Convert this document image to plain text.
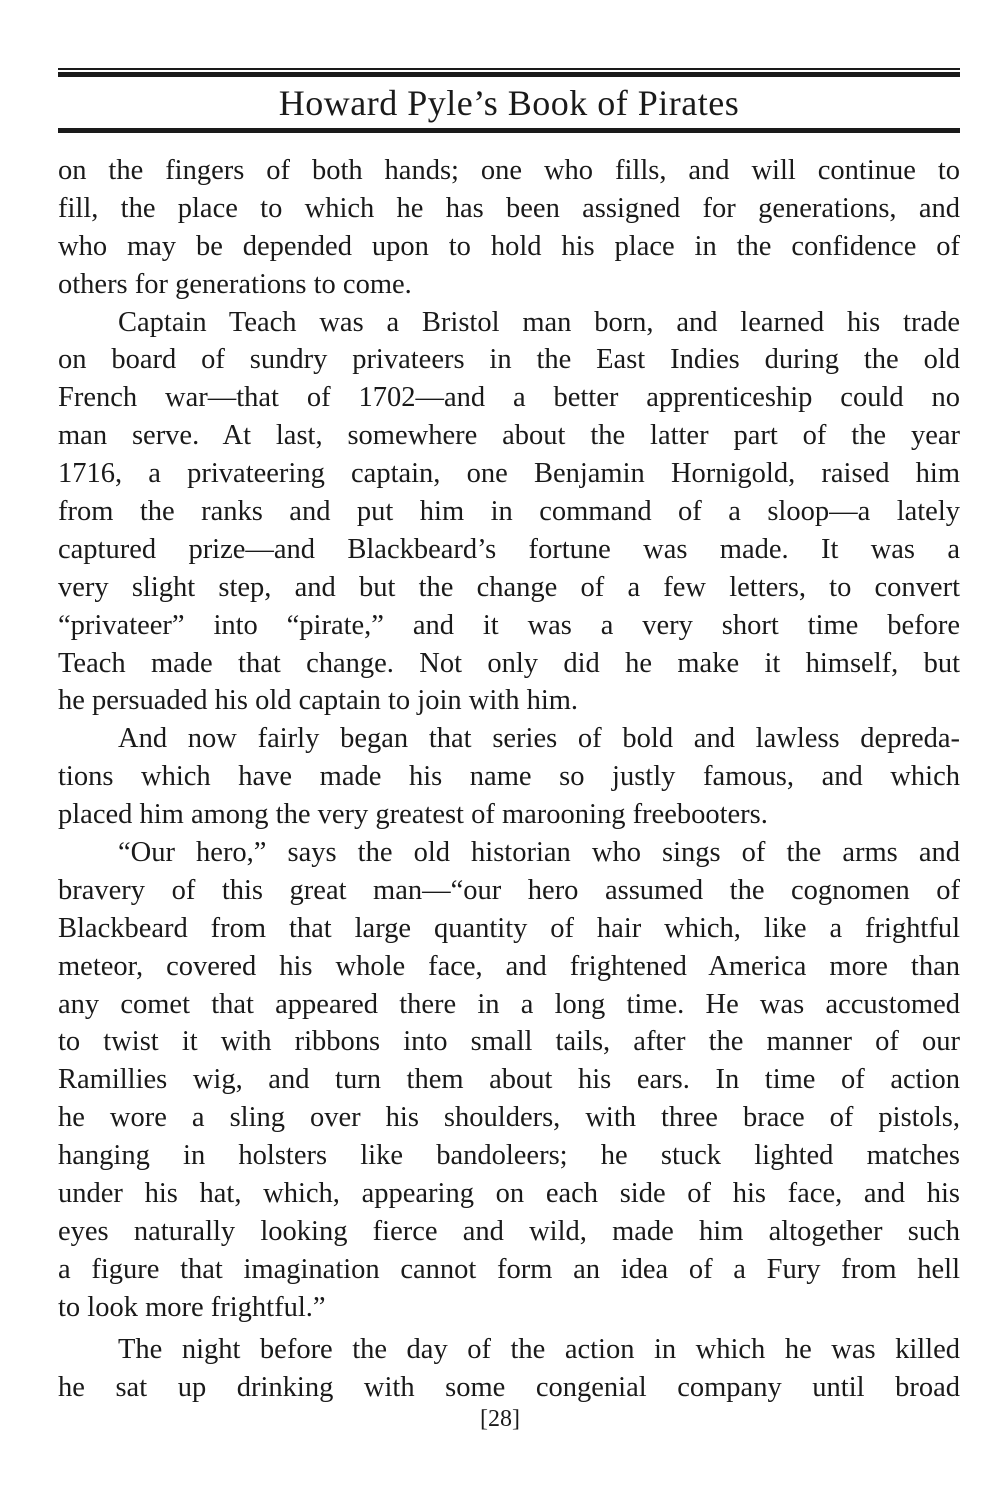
Howard Pyle’s Book of Pirates
on the fingers of both hands; one who fills, and will continue to
fill, the place to which he has been assigned for generations, and
who may be depended upon to hold his place in the confidence of
others for generations to come.
Captain Teach was a Bristol man born, and learned his trade
on board of sundry privateers in the East Indies during the old
French war—that of 1702—and a better apprenticeship could no
man serve. At last, somewhere about the latter part of the year
1716, a privateering captain, one Benjamin Hornigold, raised him
from the ranks and put him in command of a sloop—a lately
captured prize—and Blackbeard’s fortune was made. It was a
very slight step, and but the change of a few letters, to convert
“privateer” into “pirate,” and it was a very short time before
Teach made that change. Not only did he make it himself, but
he persuaded his old captain to join with him.
And now fairly began that series of bold and lawless depreda-
tions which have made his name so justly famous, and which
placed him among the very greatest of marooning freebooters.
“Our hero,” says the old historian who sings of the arms and
bravery of this great man—“our hero assumed the cognomen of
Blackbeard from that large quantity of hair which, like a frightful
meteor, covered his whole face, and frightened America more than
any comet that appeared there in a long time. He was accustomed
to twist it with ribbons into small tails, after the manner of our
Ramillies wig, and turn them about his ears. In time of action
he wore a sling over his shoulders, with three brace of pistols,
hanging in holsters like bandoleers; he stuck lighted matches
under his hat, which, appearing on each side of his face, and his
eyes naturally looking fierce and wild, made him altogether such
a figure that imagination cannot form an idea of a Fury from hell
to look more frightful.”
The night before the day of the action in which he was killed
he sat up drinking with some congenial company until broad
[28]
